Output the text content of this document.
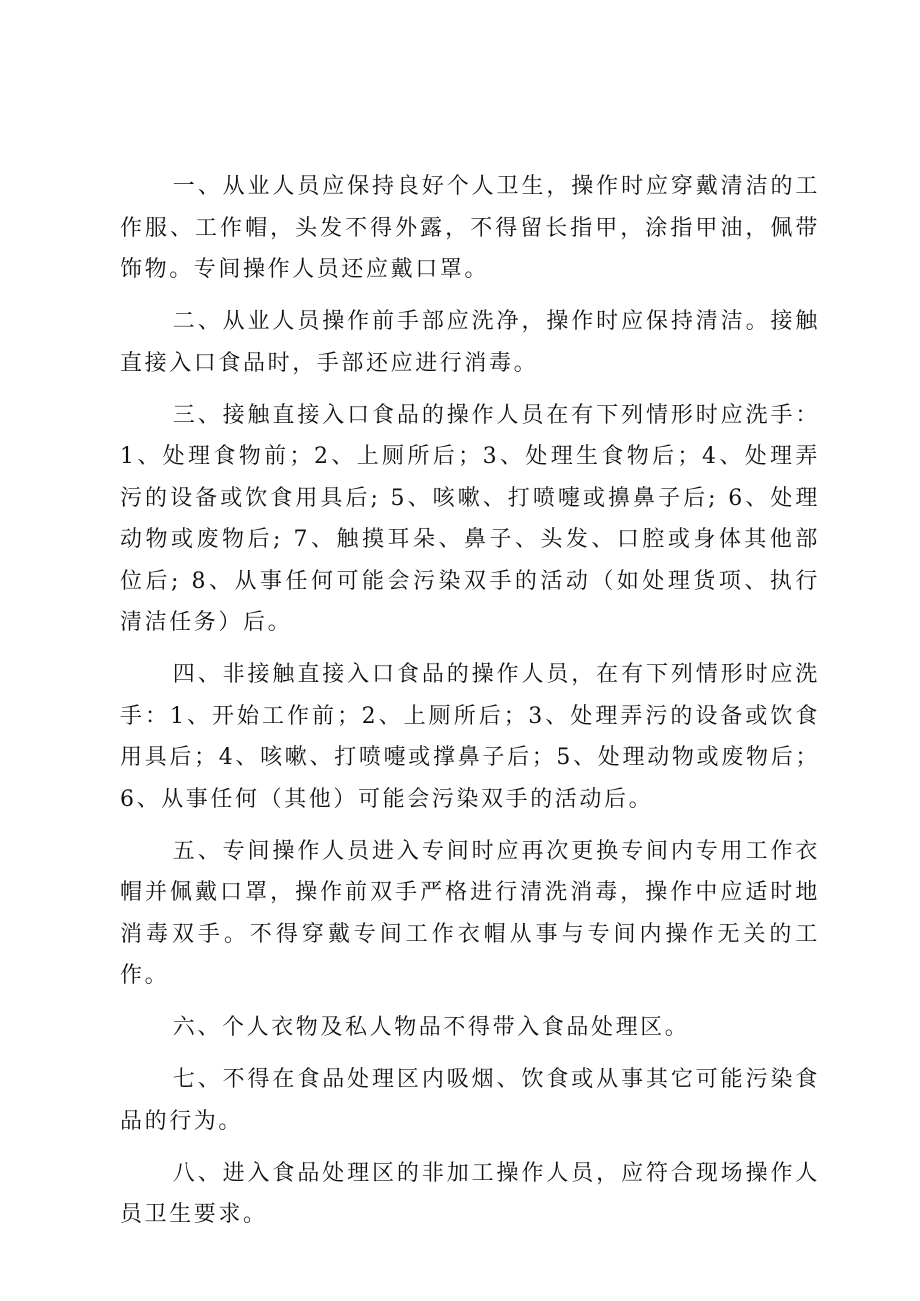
一、从业人员应保持良好个人卫生，操作时应穿戴清洁的工作服、工作帽，头发不得外露，不得留长指甲，涂指甲油，佩带饰物。专间操作人员还应戴口罩。

二、从业人员操作前手部应洗净，操作时应保持清洁。接触直接入口食品时，手部还应进行消毒。

三、接触直接入口食品的操作人员在有下列情形时应洗手：1、处理食物前；2、上厕所后；3、处理生食物后；4、处理弄污的设备或饮食用具后; 5、咳嗽、打喷嚏或擤鼻子后; 6、处理动物或废物后; 7、触摸耳朵、鼻子、头发、口腔或身体其他部位后; 8、从事任何可能会污染双手的活动（如处理货项、执行清洁任务）后。

四、非接触直接入口食品的操作人员，在有下列情形时应洗手：1、开始工作前；2、上厕所后；3、处理弄污的设备或饮食用具后；4、咳嗽、打喷嚏或撑鼻子后；5、处理动物或废物后；6、从事任何（其他）可能会污染双手的活动后。

五、专间操作人员进入专间时应再次更换专间内专用工作衣帽并佩戴口罩，操作前双手严格进行清洗消毒，操作中应适时地消毒双手。不得穿戴专间工作衣帽从事与专间内操作无关的工作。

六、个人衣物及私人物品不得带入食品处理区。

七、不得在食品处理区内吸烟、饮食或从事其它可能污染食品的行为。

八、进入食品处理区的非加工操作人员，应符合现场操作人员卫生要求。
